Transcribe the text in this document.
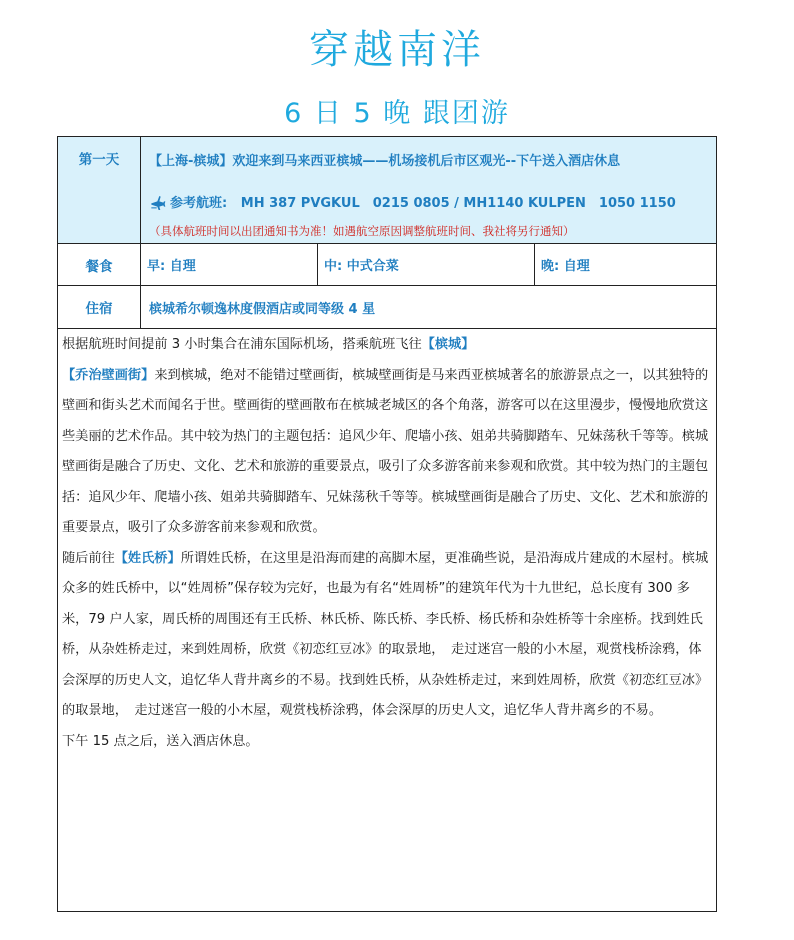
穿越南洋
6 日 5 晚 跟团游
第一天	【上海-槟城】欢迎来到马来西亚槟城——机场接机后市区观光--下午送入酒店休息
参考航班: MH 387 PVGKUL　0215 0805 / MH1140 KULPEN　1050 1150
（具体航班时间以出团通知书为准！如遇航空原因调整航班时间、我社将另行通知）
餐食	早: 自理	中: 中式合菜	晚: 自理
住宿	槟城希尔顿逸林度假酒店或同等级 4 星

根据航班时间提前 3 小时集合在浦东国际机场，搭乘航班飞往【槟城】

【乔治壁画街】来到槟城，绝对不能错过壁画街，槟城壁画街是马来西亚槟城著名的旅游景点之一，以其独特的壁画和街头艺术而闻名于世。壁画街的壁画散布在槟城老城区的各个角落，游客可以在这里漫步，慢慢地欣赏这些美丽的艺术作品。其中较为热门的主题包括：追风少年、爬墙小孩、姐弟共骑脚踏车、兄妹荡秋千等等。槟城壁画街是融合了历史、文化、艺术和旅游的重要景点，吸引了众多游客前来参观和欣赏。其中较为热门的主题包括：追风少年、爬墙小孩、姐弟共骑脚踏车、兄妹荡秋千等等。槟城壁画街是融合了历史、文化、艺术和旅游的重要景点，吸引了众多游客前来参观和欣赏。

随后前往【姓氏桥】所谓姓氏桥，在这里是沿海而建的高脚木屋，更准确些说，是沿海成片建成的木屋村。槟城众多的姓氏桥中，以“姓周桥”保存较为完好，也最为有名“姓周桥”的建筑年代为十九世纪，总长度有 300 多米，79 户人家，周氏桥的周围还有王氏桥、林氏桥、陈氏桥、李氏桥、杨氏桥和杂姓桥等十余座桥。找到姓氏桥，从杂姓桥走过，来到姓周桥，欣赏《初恋红豆冰》的取景地，　走过迷宫一般的小木屋，观赏栈桥涂鸦，体会深厚的历史人文，追忆华人背井离乡的不易。找到姓氏桥，从杂姓桥走过，来到姓周桥，欣赏《初恋红豆冰》的取景地，　走过迷宫一般的小木屋，观赏栈桥涂鸦，体会深厚的历史人文，追忆华人背井离乡的不易。

下午 15 点之后，送入酒店休息。
